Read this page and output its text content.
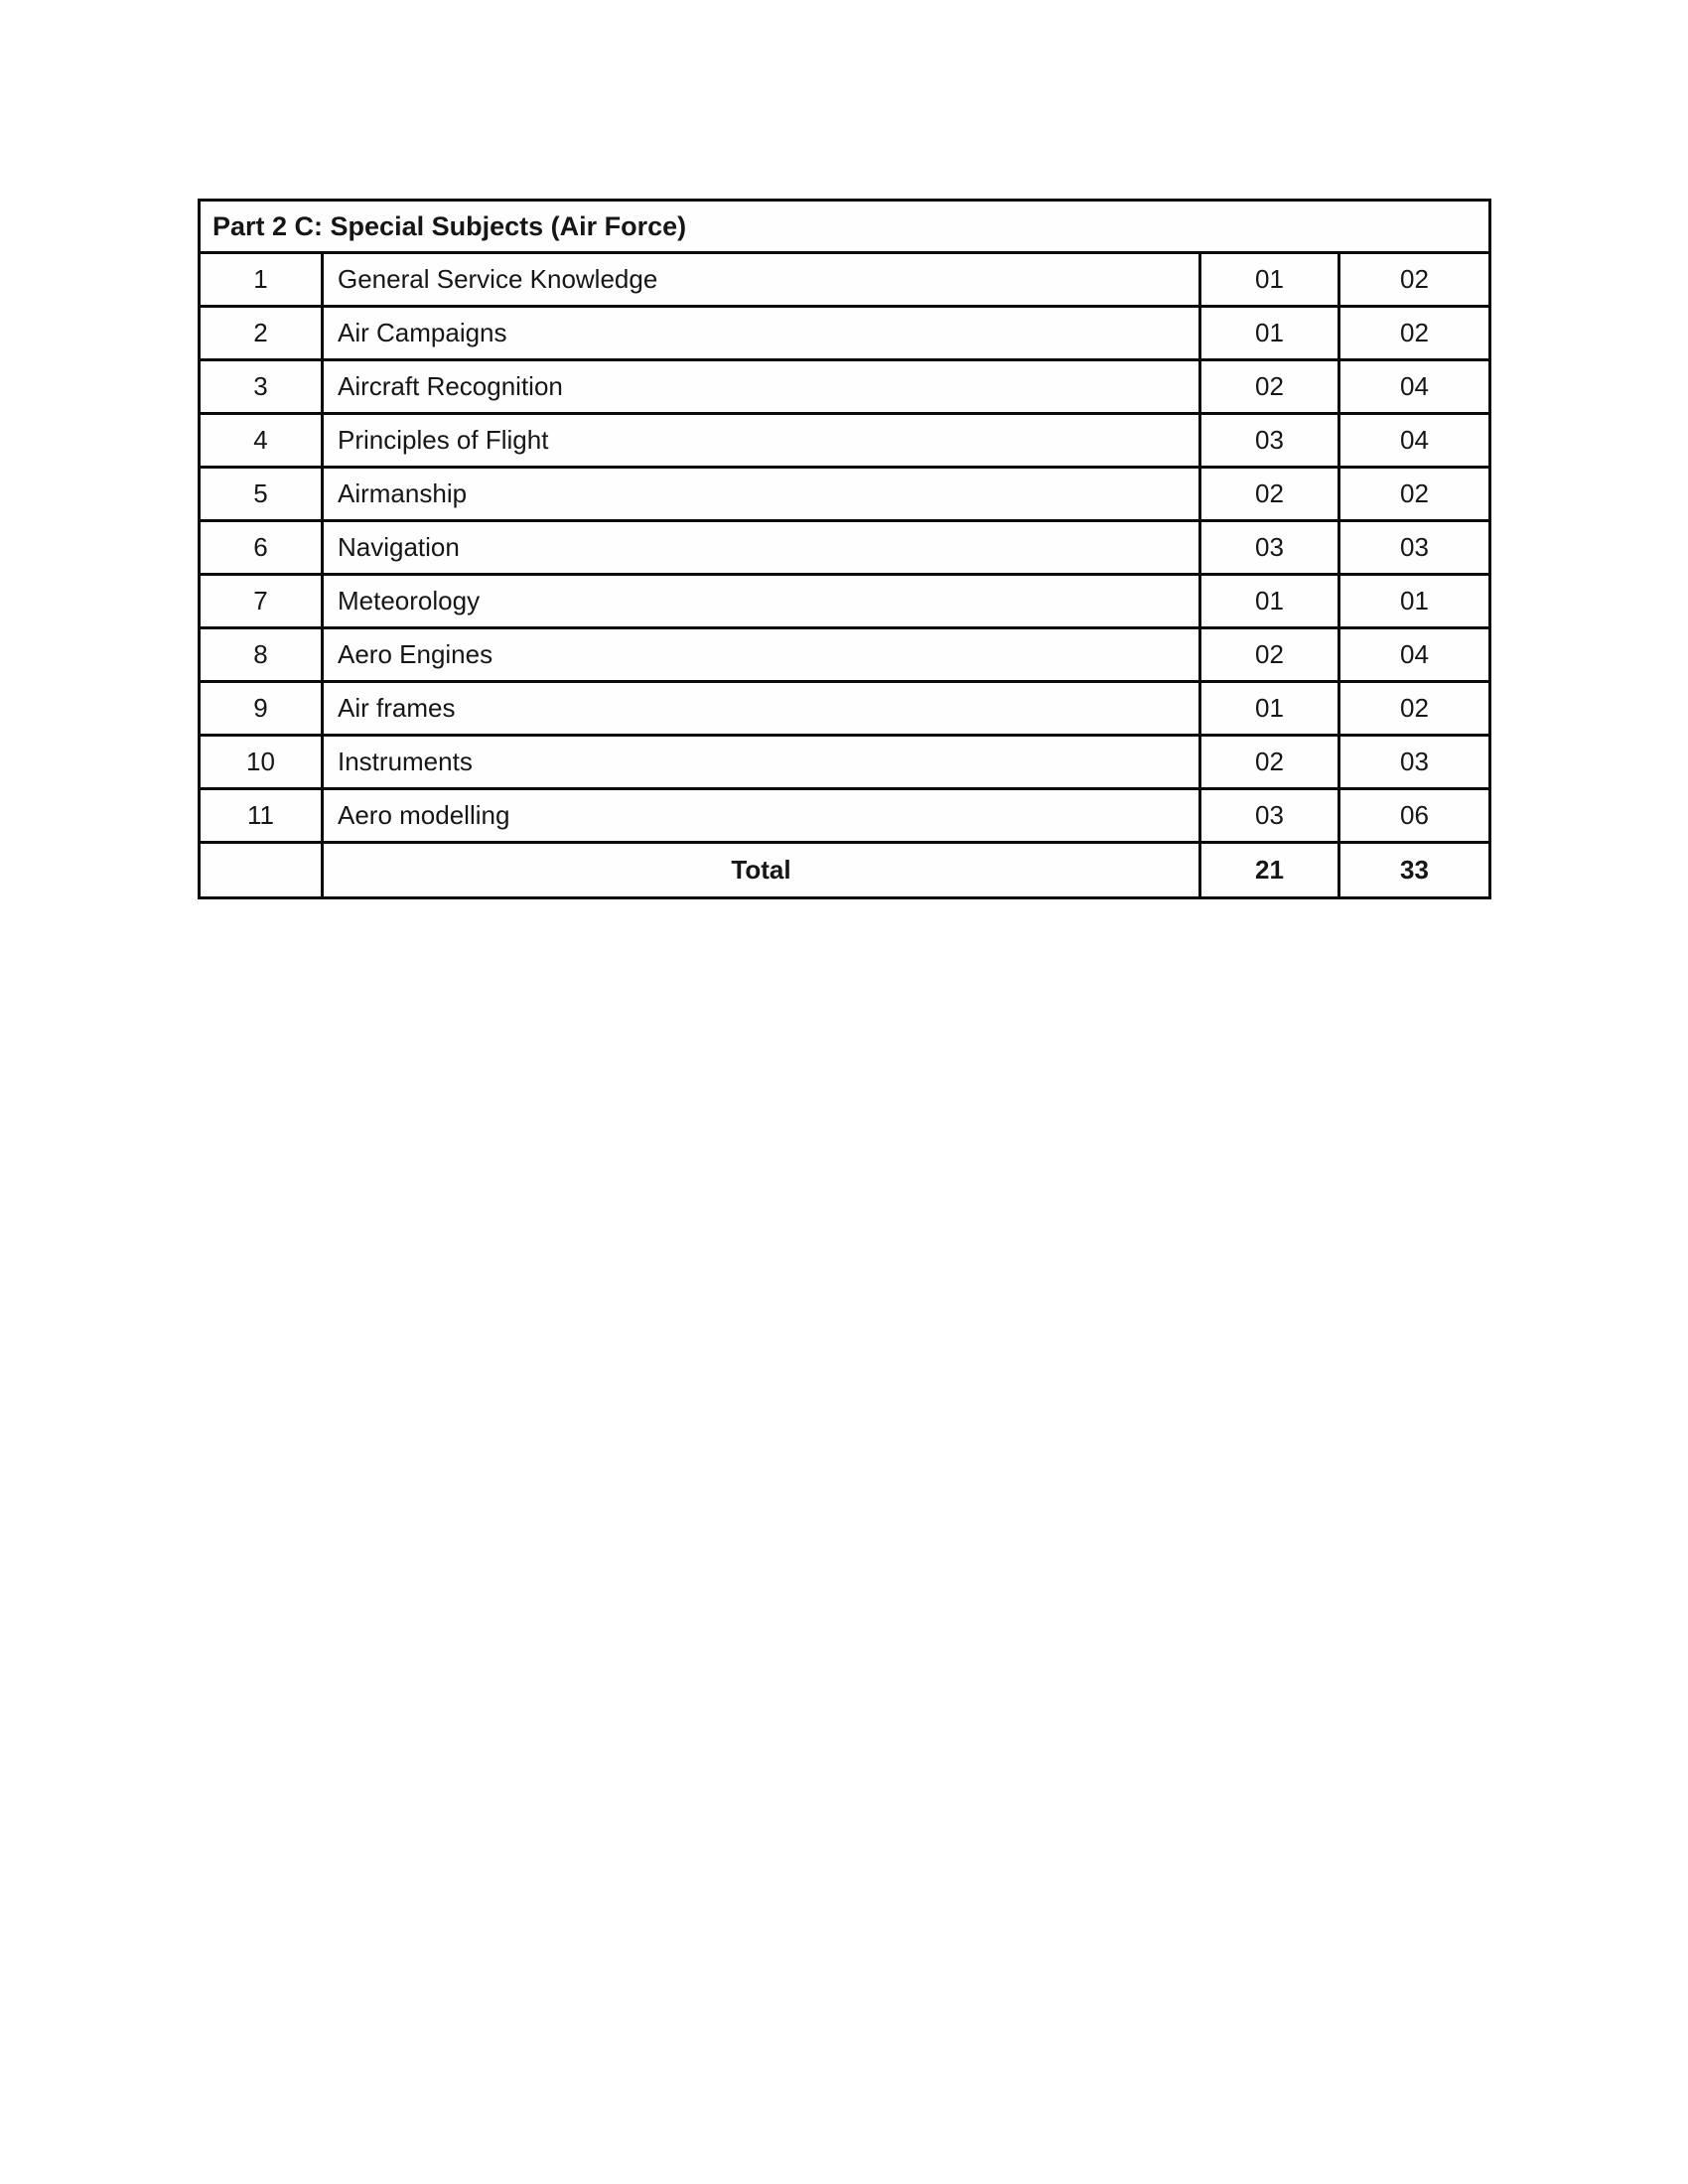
Part 2 C: Special Subjects (Air Force)			
1	General Service Knowledge	01	02
2	Air Campaigns	01	02
3	Aircraft Recognition	02	04
4	Principles of Flight	03	04
5	Airmanship	02	02
6	Navigation	03	03
7	Meteorology	01	01
8	Aero Engines	02	04
9	Air frames	01	02
10	Instruments	02	03
11	Aero modelling	03	06
	Total	21	33
